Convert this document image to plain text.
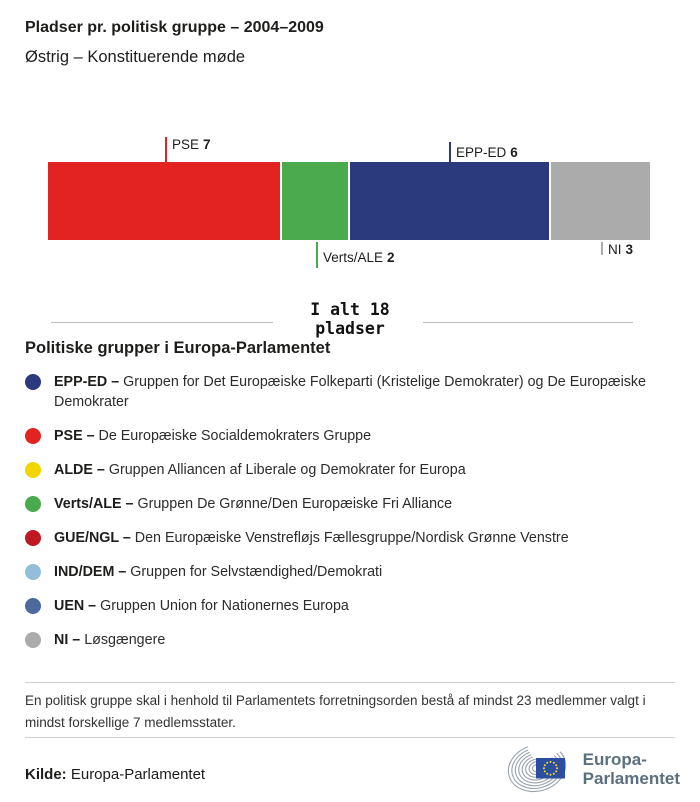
Pladser pr. politisk gruppe – 2004–2009
Østrig – Konstituerende møde
PSE 7
EPP-ED 6
Verts/ALE 2
NI 3
I alt 18
pladser
Politiske grupper i Europa-Parlamentet

EPP-ED – Gruppen for Det Europæiske Folkeparti (Kristelige Demokrater) og De Europæiske Demokrater

PSE – De Europæiske Socialdemokraters Gruppe

ALDE – Gruppen Alliancen af Liberale og Demokrater for Europa

Verts/ALE – Gruppen De Grønne/Den Europæiske Fri Alliance

GUE/NGL – Den Europæiske Venstrefløjs Fællesgruppe/Nordisk Grønne Venstre

IND/DEM – Gruppen for Selvstændighed/Demokrati

UEN – Gruppen Union for Nationernes Europa

NI – Løsgængere

En politisk gruppe skal i henhold til Parlamentets forretningsorden bestå af mindst 23 medlemmer valgt i mindst forskellige 7 medlemsstater.

Kilde: Europa-Parlamentet

Europa-
Parlamentet
